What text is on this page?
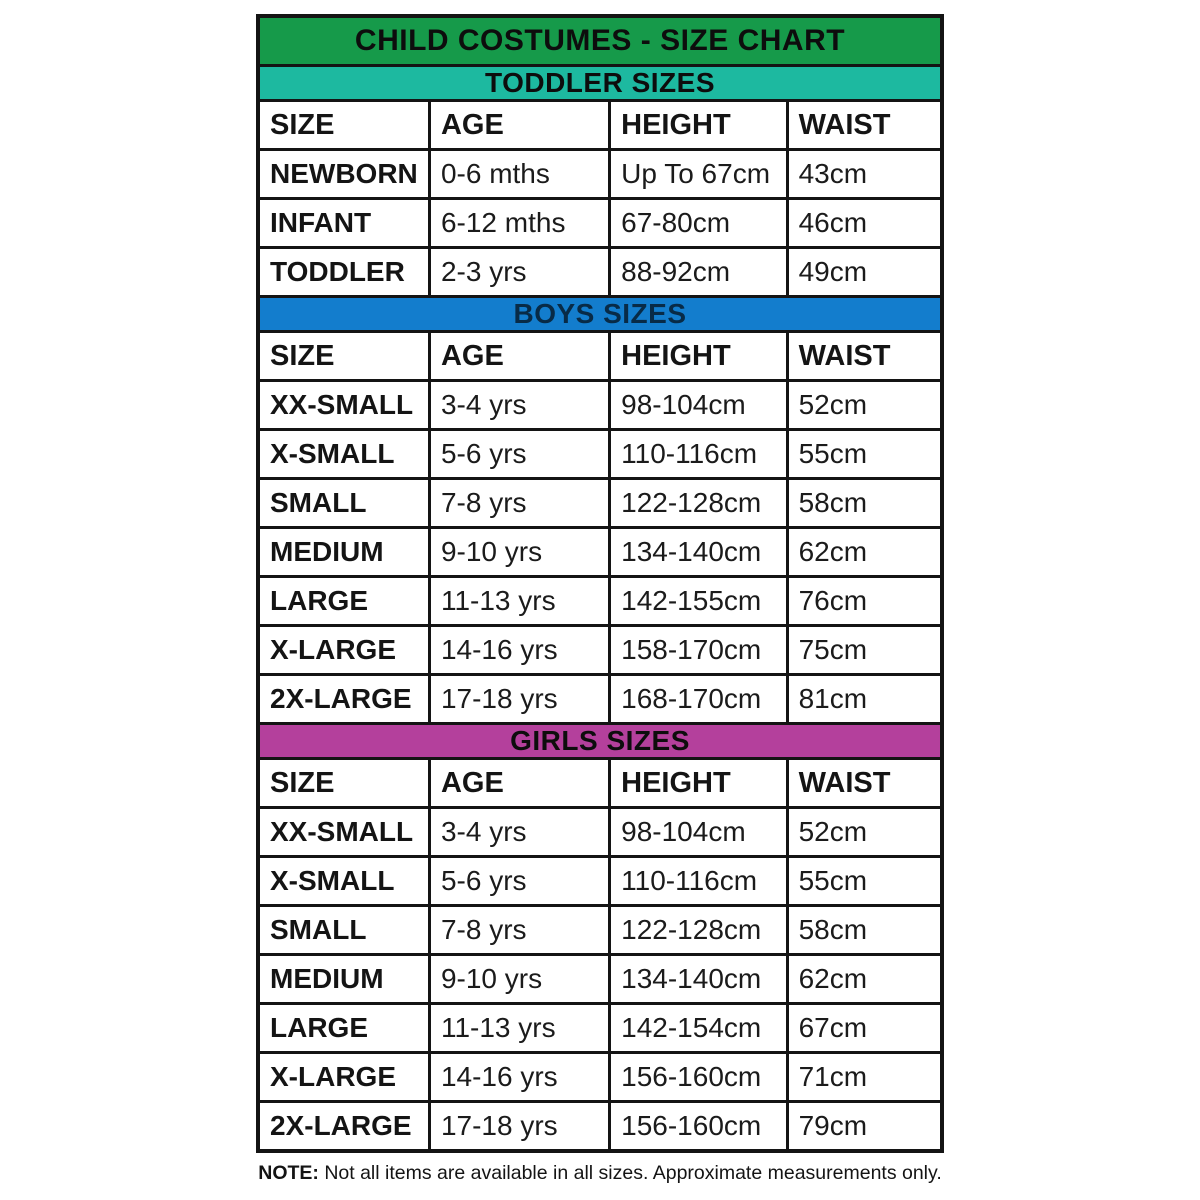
CHILD COSTUMES - SIZE CHART
TODDLER SIZES
SIZE	AGE	HEIGHT	WAIST
NEWBORN 0-6 mths	Up To 67cm	43cm
INFANT	6-12 mths	67-80cm	46cm
TODDLER	2-3 yrs	88-92cm	49cm
BOYS SIZES
SIZE	AGE	HEIGHT	WAIST
XX-SMALL 3-4 yrs	98-104cm	52cm
X-SMALL	5-6 yrs	110-116cm	55cm
SMALL	7-8 yrs	122-128cm	58cm
MEDIUM	9-10 yrs	134-140cm	62cm
LARGE	11-13 yrs	142-155cm	76cm
X-LARGE	14-16 yrs	158-170cm	75cm
2X-LARGE	17-18 yrs	168-170cm	81cm
GIRLS SIZES
SIZE	AGE	HEIGHT	WAIST
XX-SMALL 3-4 yrs	98-104cm	52cm
X-SMALL	5-6 yrs	110-116cm	55cm
SMALL	7-8 yrs	122-128cm	58cm
MEDIUM	9-10 yrs	134-140cm	62cm
LARGE	11-13 yrs	142-154cm	67cm
X-LARGE	14-16 yrs	156-160cm	71cm
2X-LARGE	17-18 yrs	156-160cm	79cm
NOTE: Not all items are available in all sizes. Approximate measurements only.
